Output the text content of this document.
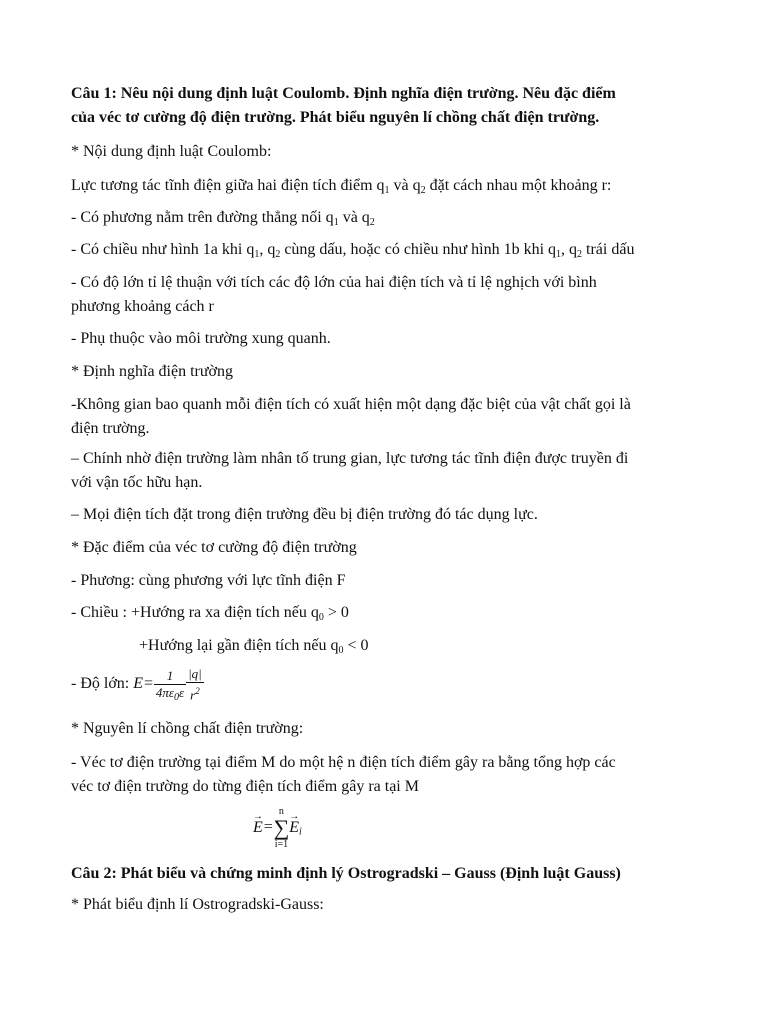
Câu 1: Nêu nội dung định luật Coulomb. Định nghĩa điện trường. Nêu đặc điểm
của véc tơ cường độ điện trường. Phát biểu nguyên lí chồng chất điện trường.
* Nội dung định luật Coulomb:
Lực tương tác tĩnh điện giữa hai điện tích điểm $q_1$ và $q_2$ đặt cách nhau một khoảng r:
- Có phương nằm trên đường thẳng nối $q_1$ và $q_2$
- Có chiều như hình 1a khi $q_1$, $q_2$ cùng dấu, hoặc có chiều như hình 1b khi $q_1$, $q_2$ trái dấu
- Có độ lớn tỉ lệ thuận với tích các độ lớn của hai điện tích và tỉ lệ nghịch với bình
phương khoảng cách r
- Phụ thuộc vào môi trường xung quanh.
* Định nghĩa điện trường
-Không gian bao quanh mỗi điện tích có xuất hiện một dạng đặc biệt của vật chất gọi là
điện trường.
– Chính nhờ điện trường làm nhân tố trung gian, lực tương tác tĩnh điện được truyền đi
với vận tốc hữu hạn.
– Mọi điện tích đặt trong điện trường đều bị điện trường đó tác dụng lực.
* Đặc điểm của véc tơ cường độ điện trường
- Phương: cùng phương với lực tĩnh điện F
- Chiều : +Hướng ra xa điện tích nếu $q_0 > 0$
+Hướng lại gần điện tích nếu $q_0 < 0$
- Độ lớn: $E= \frac{1}{4\pi\varepsilon_0\varepsilon} \frac{|q|}{r^2}$
* Nguyên lí chồng chất điện trường:
- Véc tơ điện trường tại điểm M do một hệ n điện tích điểm gây ra bằng tổng hợp các
véc tơ điện trường do từng điện tích điểm gây ra tại M
→ E=n
∑
$i=1\to E_i$
Câu 2: Phát biểu và chứng minh định lý Ostrogradski – Gauss (Định luật Gauss)
* Phát biểu định lí Ostrogradski-Gauss:
